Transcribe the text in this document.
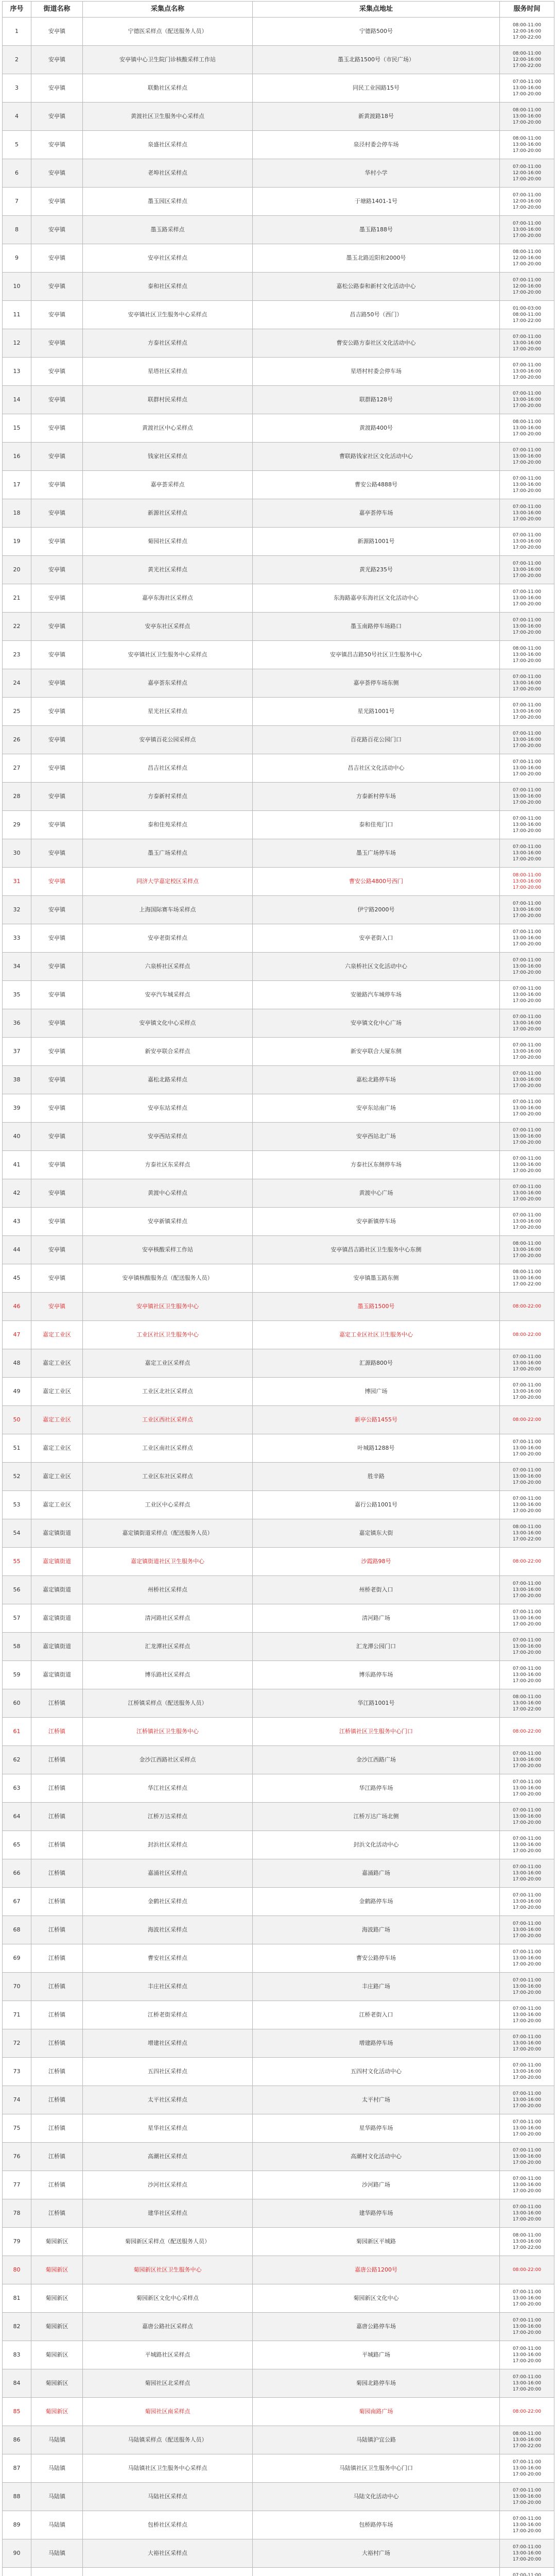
序号	街道名称	采集点名称	采集点地址	服务时间
1	安亭镇	宁德医采样点（配送服务人员）	宁德路500号	08:00-11:00
12:00-16:00
17:00-22:00
2	安亭镇	安亭镇中心卫生院门诊核酸采样工作站	墨玉北路1500号（市民广场）	08:00-11:00
12:00-16:00
17:00-22:00
3	安亭镇	联勤社区采样点	同民工业园路15号	07:00-11:00
13:00-16:00
17:00-20:00
4	安亭镇	黄渡社区卫生服务中心采样点	新黄渡路18号	08:00-11:00
13:00-16:00
17:00-20:00
5	安亭镇	泉盛社区采样点	泉泾村委会停车场	08:00-11:00
13:00-16:00
17:00-20:00
6	安亭镇	老埠社区采样点	华村小学	07:00-11:00
12:00-16:00
17:00-20:00
7	安亭镇	墨玉园区采样点	于塘路1401-1号	07:00-11:00
12:00-16:00
17:00-20:00
8	安亭镇	墨玉路采样点	墨玉路188号	07:00-11:00
13:00-16:00
17:00-20:00
9	安亭镇	安亭社区采样点	墨玉北路近阳和2000号	08:00-11:00
12:00-16:00
17:00-20:00
10	安亭镇	泰和社区采样点	嘉松公路泰和新村文化活动中心	07:00-11:00
12:00-16:00
17:00-20:00
11	安亭镇	安亭镇社区卫生服务中心采样点	昌吉路50号（西门）	01:00-03:00
08:00-11:00
17:00-22:00
12	安亭镇	方泰社区采样点	曹安公路方泰社区文化活动中心	07:00-11:00
13:00-16:00
17:00-20:00
13	安亭镇	星塔社区采样点	星塔村村委会停车场	07:00-11:00
13:00-16:00
17:00-20:00
14	安亭镇	联群村民采样点	联群路128号	07:00-11:00
13:00-16:00
17:00-20:00
15	安亭镇	黄渡社区中心采样点	黄渡路400号	08:00-11:00
13:00-16:00
17:00-20:00
16	安亭镇	钱家社区采样点	曹联路钱家社区文化活动中心	07:00-11:00
13:00-16:00
17:00-20:00
17	安亭镇	嘉亭荟采样点	曹安公路4888号	07:00-11:00
13:00-16:00
17:00-20:00
18	安亭镇	新源社区采样点	嘉亭荟停车场	07:00-11:00
13:00-16:00
17:00-20:00
19	安亭镇	菊园社区采样点	新源路1001号	07:00-11:00
13:00-16:00
17:00-20:00
20	安亭镇	黄光社区采样点	黄光路235号	07:00-11:00
13:00-16:00
17:00-20:00
21	安亭镇	嘉亭东海社区采样点	东海路嘉亭东海社区文化活动中心	07:00-11:00
13:00-16:00
17:00-20:00
22	安亭镇	安亭东社区采样点	墨玉南路停车场路口	07:00-11:00
13:00-16:00
17:00-20:00
23	安亭镇	安亭镇社区卫生服务中心采样点	安亭镇昌吉路50号社区卫生服务中心	08:00-11:00
13:00-16:00
17:00-20:00
24	安亭镇	嘉亭荟东采样点	嘉亭荟停车场东侧	07:00-11:00
13:00-16:00
17:00-20:00
25	安亭镇	星光社区采样点	星光路1001号	07:00-11:00
13:00-16:00
17:00-20:00
26	安亭镇	安亭镇百花公园采样点	百花路百花公园门口	07:00-11:00
13:00-16:00
17:00-20:00
27	安亭镇	昌吉社区采样点	昌吉社区文化活动中心	07:00-11:00
13:00-16:00
17:00-20:00
28	安亭镇	方泰新村采样点	方泰新村停车场	07:00-11:00
13:00-16:00
17:00-20:00
29	安亭镇	泰和佳苑采样点	泰和佳苑门口	07:00-11:00
13:00-16:00
17:00-20:00
30	安亭镇	墨玉广场采样点	墨玉广场停车场	07:00-11:00
13:00-16:00
17:00-20:00
31	安亭镇	同济大学嘉定校区采样点	曹安公路4800号西门	08:00-11:00
13:00-16:00
17:00-20:00
32	安亭镇	上海国际赛车场采样点	伊宁路2000号	07:00-11:00
13:00-16:00
17:00-20:00
33	安亭镇	安亭老街采样点	安亭老街入口	07:00-11:00
13:00-16:00
17:00-20:00
34	安亭镇	六泉桥社区采样点	六泉桥社区文化活动中心	07:00-11:00
13:00-16:00
17:00-20:00
35	安亭镇	安亭汽车城采样点	安驰路汽车城停车场	07:00-11:00
13:00-16:00
17:00-20:00
36	安亭镇	安亭镇文化中心采样点	安亭镇文化中心广场	07:00-11:00
13:00-16:00
17:00-20:00
37	安亭镇	新安亭联合采样点	新安亭联合大厦东侧	07:00-11:00
13:00-16:00
17:00-20:00
38	安亭镇	嘉松北路采样点	嘉松北路停车场	07:00-11:00
13:00-16:00
17:00-20:00
39	安亭镇	安亭东站采样点	安亭东站南广场	07:00-11:00
13:00-16:00
17:00-20:00
40	安亭镇	安亭西站采样点	安亭西站北广场	07:00-11:00
13:00-16:00
17:00-20:00
41	安亭镇	方泰社区东采样点	方泰社区东侧停车场	07:00-11:00
13:00-16:00
17:00-20:00
42	安亭镇	黄渡中心采样点	黄渡中心广场	07:00-11:00
13:00-16:00
17:00-20:00
43	安亭镇	安亭新镇采样点	安亭新镇停车场	07:00-11:00
13:00-16:00
17:00-20:00
44	安亭镇	安亭核酸采样工作站	安亭镇昌吉路社区卫生服务中心东侧	08:00-11:00
13:00-16:00
17:00-20:00
45	安亭镇	安亭镇核酸服务点（配送服务人员）	安亭镇墨玉路东侧	08:00-11:00
13:00-16:00
17:00-22:00
46	安亭镇	安亭镇社区卫生服务中心	墨玉路1500号	08:00-22:00
47	嘉定工业区	工业区社区卫生服务中心	嘉定工业区社区卫生服务中心	08:00-22:00
48	嘉定工业区	嘉定工业区采样点	汇源路800号	07:00-11:00
13:00-16:00
17:00-20:00
49	嘉定工业区	工业区北社区采样点	博园广场	07:00-11:00
13:00-16:00
17:00-20:00
50	嘉定工业区	工业区西社区采样点	新亭公路1455号	08:00-22:00
51	嘉定工业区	工业区南社区采样点	叶城路1288号	07:00-11:00
13:00-16:00
17:00-20:00
52	嘉定工业区	工业区东社区采样点	胜辛路	07:00-11:00
13:00-16:00
17:00-20:00
53	嘉定工业区	工业区中心采样点	嘉行公路1001号	07:00-11:00
13:00-16:00
17:00-20:00
54	嘉定镇街道	嘉定镇街道采样点（配送服务人员）	嘉定镇东大街	08:00-11:00
13:00-16:00
17:00-22:00
55	嘉定镇街道	嘉定镇街道社区卫生服务中心	沙霞路98号	08:00-22:00
56	嘉定镇街道	州桥社区采样点	州桥老街入口	07:00-11:00
13:00-16:00
17:00-20:00
57	嘉定镇街道	清河路社区采样点	清河路广场	07:00-11:00
13:00-16:00
17:00-20:00
58	嘉定镇街道	汇龙潭社区采样点	汇龙潭公园门口	07:00-11:00
13:00-16:00
17:00-20:00
59	嘉定镇街道	博乐路社区采样点	博乐路停车场	07:00-11:00
13:00-16:00
17:00-20:00
60	江桥镇	江桥镇采样点（配送服务人员）	华江路1001号	08:00-11:00
13:00-16:00
17:00-22:00
61	江桥镇	江桥镇社区卫生服务中心	江桥镇社区卫生服务中心门口	08:00-22:00
62	江桥镇	金沙江西路社区采样点	金沙江西路广场	07:00-11:00
13:00-16:00
17:00-20:00
63	江桥镇	华江社区采样点	华江路停车场	07:00-11:00
13:00-16:00
17:00-20:00
64	江桥镇	江桥万达采样点	江桥万达广场北侧	07:00-11:00
13:00-16:00
17:00-20:00
65	江桥镇	封浜社区采样点	封浜文化活动中心	07:00-11:00
13:00-16:00
17:00-20:00
66	江桥镇	嘉涌社区采样点	嘉涌路广场	07:00-11:00
13:00-16:00
17:00-20:00
67	江桥镇	金鹤社区采样点	金鹤路停车场	07:00-11:00
13:00-16:00
17:00-20:00
68	江桥镇	海波社区采样点	海波路广场	07:00-11:00
13:00-16:00
17:00-20:00
69	江桥镇	曹安社区采样点	曹安公路停车场	07:00-11:00
13:00-16:00
17:00-20:00
70	江桥镇	丰庄社区采样点	丰庄路广场	07:00-11:00
13:00-16:00
17:00-20:00
71	江桥镇	江桥老街采样点	江桥老街入口	07:00-11:00
13:00-16:00
17:00-20:00
72	江桥镇	增建社区采样点	增建路停车场	07:00-11:00
13:00-16:00
17:00-20:00
73	江桥镇	五四社区采样点	五四村文化活动中心	07:00-11:00
13:00-16:00
17:00-20:00
74	江桥镇	太平社区采样点	太平村广场	07:00-11:00
13:00-16:00
17:00-20:00
75	江桥镇	星华社区采样点	星华路停车场	07:00-11:00
13:00-16:00
17:00-20:00
76	江桥镇	高潮社区采样点	高潮村文化活动中心	07:00-11:00
13:00-16:00
17:00-20:00
77	江桥镇	沙河社区采样点	沙河路广场	07:00-11:00
13:00-16:00
17:00-20:00
78	江桥镇	建华社区采样点	建华路停车场	07:00-11:00
13:00-16:00
17:00-20:00
79	菊园新区	菊园新区采样点（配送服务人员）	菊园新区平城路	08:00-11:00
13:00-16:00
17:00-22:00
80	菊园新区	菊园新区社区卫生服务中心	嘉唐公路1200号	08:00-22:00
81	菊园新区	菊园新区文化中心采样点	菊园新区文化中心	07:00-11:00
13:00-16:00
17:00-20:00
82	菊园新区	嘉唐公路社区采样点	嘉唐公路停车场	07:00-11:00
13:00-16:00
17:00-20:00
83	菊园新区	平城路社区采样点	平城路广场	07:00-11:00
13:00-16:00
17:00-20:00
84	菊园新区	菊园社区北采样点	菊园北路停车场	07:00-11:00
13:00-16:00
17:00-20:00
85	菊园新区	菊园社区南采样点	菊园南路广场	08:00-22:00
86	马陆镇	马陆镇采样点（配送服务人员）	马陆镇沪宜公路	08:00-11:00
13:00-16:00
17:00-22:00
87	马陆镇	马陆镇社区卫生服务中心采样点	马陆镇社区卫生服务中心门口	07:00-11:00
13:00-16:00
17:00-20:00
88	马陆镇	马陆社区采样点	马陆文化活动中心	07:00-11:00
13:00-16:00
17:00-20:00
89	马陆镇	包桥社区采样点	包桥路停车场	07:00-11:00
13:00-16:00
17:00-20:00
90	马陆镇	大裕社区采样点	大裕村广场	07:00-11:00
13:00-16:00
17:00-20:00
				07:00-11:00
